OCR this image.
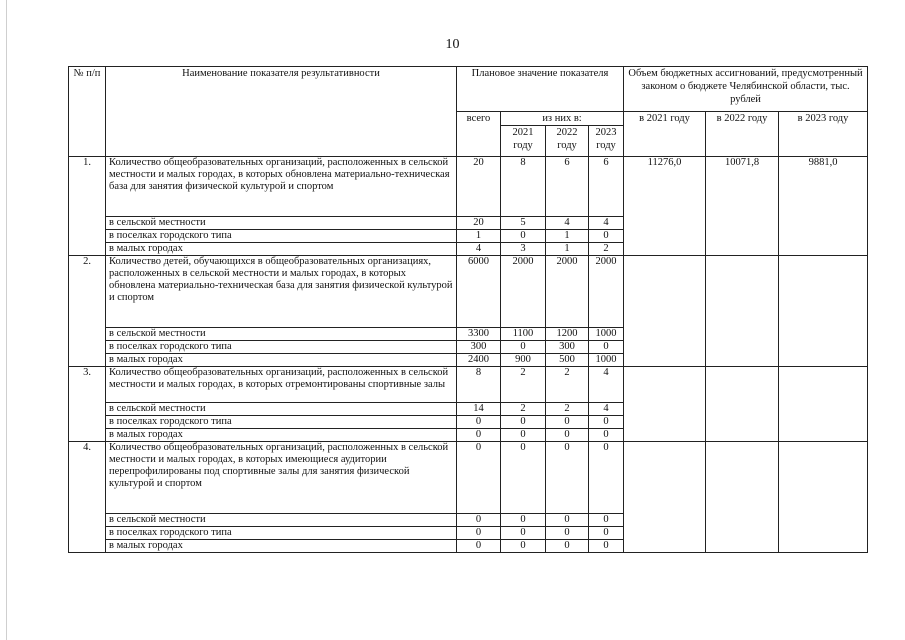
10
№ п/п	Наименование показателя результативности	Плановое значение показателя				Объем бюджетных ассигнований, предусмотренный законом о бюджете Челябинской области, тыс. рублей		
		всего	из них в:			в 2021 году	в 2022 году	в 2023 году
			2021 году	2022 году	2023 году			
1.	Количество общеобразовательных организаций, расположенных в сельской местности и малых городах, в которых обновлена материально-техническая база для занятия физической культурой и спортом	20	8	6	6	11276,0	10071,8	9881,0
	в сельской местности	20	5	4	4			
	в поселках городского типа	1	0	1	0			
	в малых городах	4	3	1	2			
2.	Количество детей, обучающихся в общеобразовательных организациях, расположенных в сельской местности и малых городах, в которых обновлена материально-техническая база для занятия физической культурой и спортом	6000	2000	2000	2000			
	в сельской местности	3300	1100	1200	1000			
	в поселках городского типа	300	0	300	0			
	в малых городах	2400	900	500	1000			
3.	Количество общеобразовательных организаций, расположенных в сельской местности и малых городах, в которых отремонтированы спортивные залы	8	2	2	4			
	в сельской местности	14	2	2	4			
	в поселках городского типа	0	0	0	0			
	в малых городах	0	0	0	0			
4.	Количество общеобразовательных организаций, расположенных в сельской местности и малых городах, в которых имеющиеся аудитории перепрофилированы под спортивные залы для занятия физической культурой и спортом	0	0	0	0			
	в сельской местности	0	0	0	0			
	в поселках городского типа	0	0	0	0			
	в малых городах	0	0	0	0			
